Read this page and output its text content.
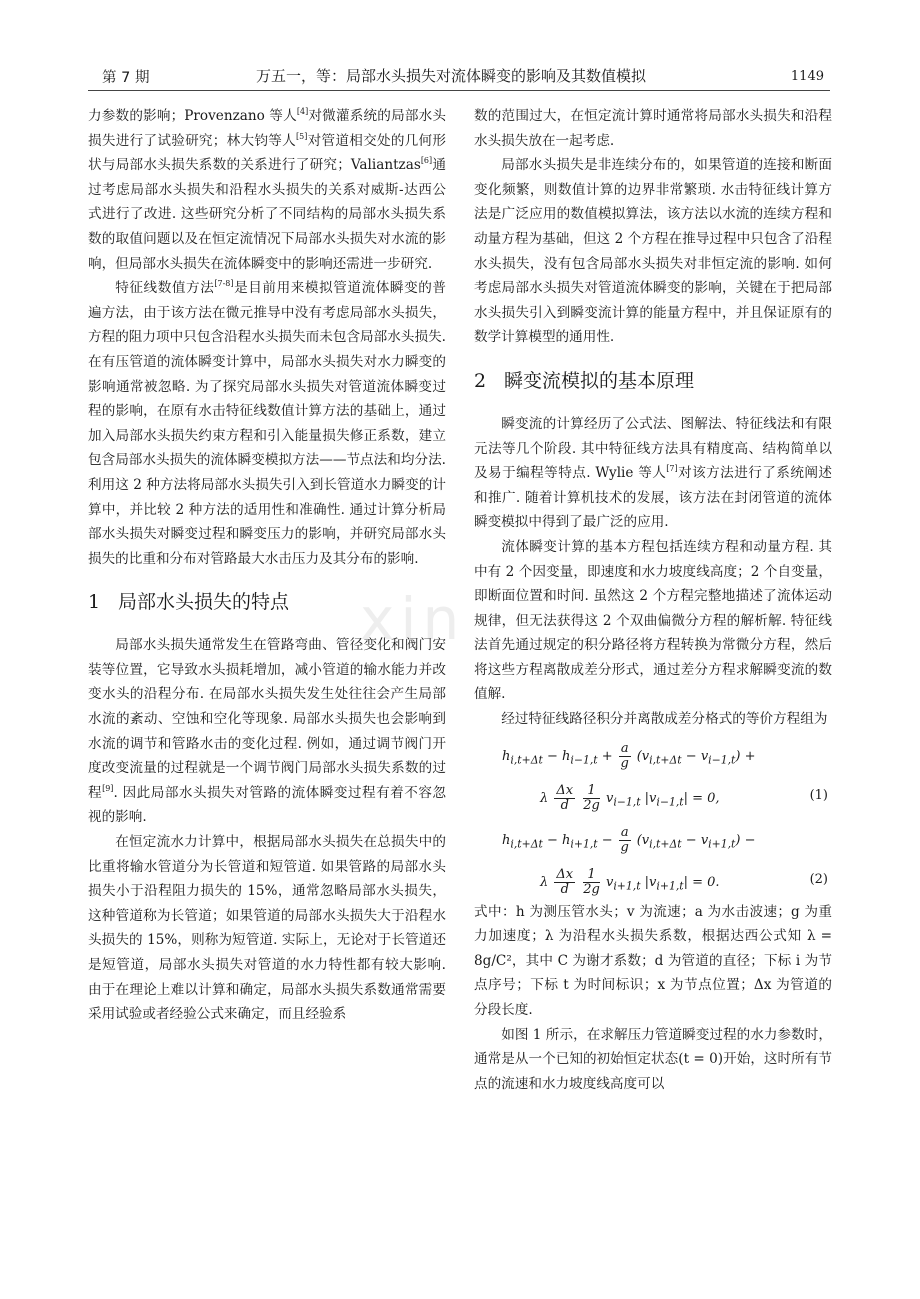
第 7 期	万五一，等：局部水头损失对流体瞬变的影响及其数值模拟	1149
xin

力参数的影响；Provenzano 等人[4]对微灌系统的局部水头损失进行了试验研究；林大钧等人[5]对管道相交处的几何形状与局部水头损失系数的关系进行了研究；Valiantzas[6]通过考虑局部水头损失和沿程水头损失的关系对威斯-达西公式进行了改进. 这些研究分析了不同结构的局部水头损失系数的取值问题以及在恒定流情况下局部水头损失对水流的影响，但局部水头损失在流体瞬变中的影响还需进一步研究.

特征线数值方法[7-8]是目前用来模拟管道流体瞬变的普遍方法，由于该方法在微元推导中没有考虑局部水头损失，方程的阻力项中只包含沿程水头损失而未包含局部水头损失. 在有压管道的流体瞬变计算中，局部水头损失对水力瞬变的影响通常被忽略. 为了探究局部水头损失对管道流体瞬变过程的影响，在原有水击特征线数值计算方法的基础上，通过加入局部水头损失约束方程和引入能量损失修正系数，建立包含局部水头损失的流体瞬变模拟方法——节点法和均分法. 利用这 2 种方法将局部水头损失引入到长管道水力瞬变的计算中，并比较 2 种方法的适用性和准确性. 通过计算分析局部水头损失对瞬变过程和瞬变压力的影响，并研究局部水头损失的比重和分布对管路最大水击压力及其分布的影响.

1 局部水头损失的特点

局部水头损失通常发生在管路弯曲、管径变化和阀门安装等位置，它导致水头损耗增加，减小管道的输水能力并改变水头的沿程分布. 在局部水头损失发生处往往会产生局部水流的紊动、空蚀和空化等现象. 局部水头损失也会影响到水流的调节和管路水击的变化过程. 例如，通过调节阀门开度改变流量的过程就是一个调节阀门局部水头损失系数的过程[9]. 因此局部水头损失对管路的流体瞬变过程有着不容忽视的影响.

在恒定流水力计算中，根据局部水头损失在总损失中的比重将输水管道分为长管道和短管道. 如果管路的局部水头损失小于沿程阻力损失的 15%，通常忽略局部水头损失，这种管道称为长管道；如果管道的局部水头损失大于沿程水头损失的 15%，则称为短管道. 实际上，无论对于长管道还是短管道，局部水头损失对管道的水力特性都有较大影响. 由于在理论上难以计算和确定，局部水头损失系数通常需要采用试验或者经验公式来确定，而且经验系

数的范围过大，在恒定流计算时通常将局部水头损失和沿程水头损失放在一起考虑.

局部水头损失是非连续分布的，如果管道的连接和断面变化频繁，则数值计算的边界非常繁琐. 水击特征线计算方法是广泛应用的数值模拟算法，该方法以水流的连续方程和动量方程为基础，但这 2 个方程在推导过程中只包含了沿程水头损失，没有包含局部水头损失对非恒定流的影响. 如何考虑局部水头损失对管道流体瞬变的影响，关键在于把局部水头损失引入到瞬变流计算的能量方程中，并且保证原有的数学计算模型的通用性.

2 瞬变流模拟的基本原理

瞬变流的计算经历了公式法、图解法、特征线法和有限元法等几个阶段. 其中特征线方法具有精度高、结构简单以及易于编程等特点. Wylie 等人[7]对该方法进行了系统阐述和推广. 随着计算机技术的发展，该方法在封闭管道的流体瞬变模拟中得到了最广泛的应用.

流体瞬变计算的基本方程包括连续方程和动量方程. 其中有 2 个因变量，即速度和水力坡度线高度；2 个自变量，即断面位置和时间. 虽然这 2 个方程完整地描述了流体运动规律，但无法获得这 2 个双曲偏微分方程的解析解. 特征线法首先通过规定的积分路径将方程转换为常微分方程，然后将这些方程离散成差分形式，通过差分方程求解瞬变流的数值解.

经过特征线路径积分并离散成差分格式的等价方程组为

$h_{i,t+\Delta t} - h_{i-1,t} + \frac{a}{g} (v_{i,t+\Delta t} - v_{i-1,t})$ +
λ $\frac{\Delta x}{d}$
$\frac{1}{2g} v_{i-1,t}$ $|v_{i-1,t}| = 0$,	(1)
$h_{i,t+\Delta t} - h_{i+1,t} - \frac{a}{g} (v_{i,t+\Delta t} - v_{i+1,t})$ −
λ $\frac{\Delta x}{d}$
$\frac{1}{2g} v_{i+1,t}$ $|v_{i+1,t}| = 0$.	(2)

式中：h 为测压管水头；v 为流速；a 为水击波速；g 为重力加速度；λ 为沿程水头损失系数，根据达西公式知 λ = 8g/C²，其中 C 为谢才系数；d 为管道的直径；下标 i 为节点序号；下标 t 为时间标识；x 为节点位置；Δx 为管道的分段长度.

如图 1 所示，在求解压力管道瞬变过程的水力参数时，通常是从一个已知的初始恒定状态(t = 0)开始，这时所有节点的流速和水力坡度线高度可以
